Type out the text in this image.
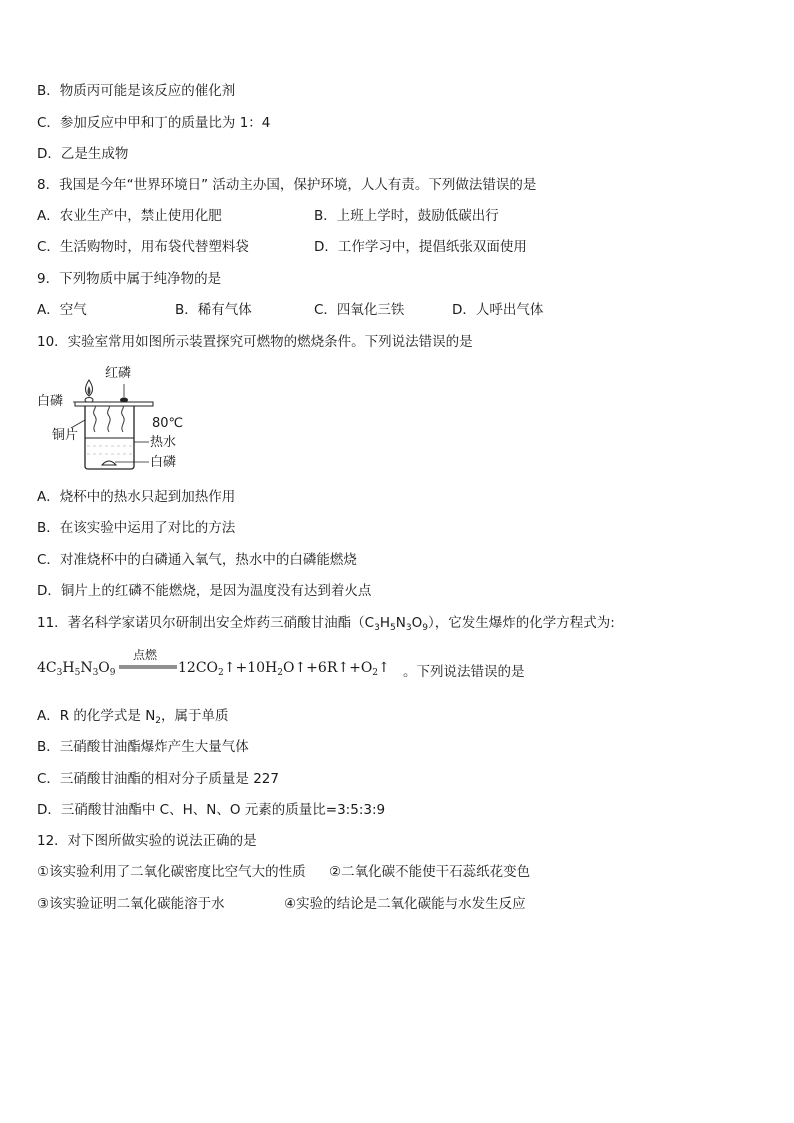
B．物质丙可能是该反应的催化剂
C．参加反应中甲和丁的质量比为 1：4
D．乙是生成物
8．我国是今年“世界环境日” 活动主办国，保护环境，人人有责。下列做法错误的是
A．农业生产中，禁止使用化肥	B．上班上学时，鼓励低碳出行
C．生活购物时，用布袋代替塑料袋	D．工作学习中，提倡纸张双面使用
9．下列物质中属于纯净物的是
A．空气	B．稀有气体	C．四氧化三铁	D．人呼出气体
10．实验室常用如图所示装置探究可燃物的燃烧条件。下列说法错误的是
红磷
白磷
铜片
80℃
热水
白磷
A．烧杯中的热水只起到加热作用
B．在该实验中运用了对比的方法
C．对准烧杯中的白磷通入氧气，热水中的白磷能燃烧
D．铜片上的红磷不能燃烧，是因为温度没有达到着火点
11．著名科学家诺贝尔研制出安全炸药三硝酸甘油酯$(C_3H_5N_3O_9)$，它发生爆炸的化学方程式为:
$4C_3H_5N_3O_9$
点燃
$12CO_2↑+10H_2O↑+6R↑+O_2↑$ 。下列说法错误的是
A．R 的化学式是 $N_2$，属于单质
B．三硝酸甘油酯爆炸产生大量气体
C．三硝酸甘油酯的相对分子质量是 227
D．三硝酸甘油酯中 C、H、N、O 元素的质量比=3:5:3:9
12．对下图所做实验的说法正确的是
①该实验利用了二氧化碳密度比空气大的性质 ②二氧化碳不能使干石蕊纸花变色
③该实验证明二氧化碳能溶于水	④实验的结论是二氧化碳能与水发生反应
